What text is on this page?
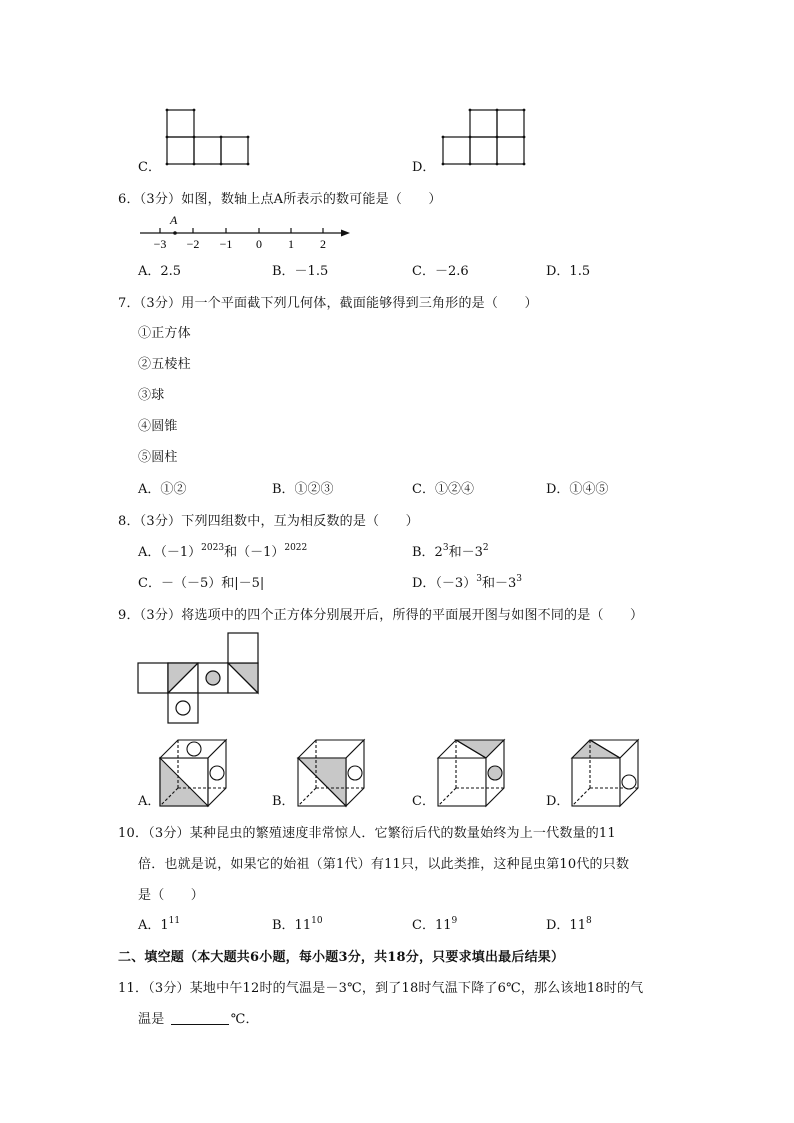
C．	D．
6．（3分）如图，数轴上点A所表示的数可能是（　　）
A
−3 −2 −1 0 1 2
A．2.5	B．－1.5	C．－2.6	D．1.5
7．（3分）用一个平面截下列几何体，截面能够得到三角形的是（　　）
①正方体
②五棱柱
③球
④圆锥
⑤圆柱
A．①②	B．①②③	C．①②④	D．①④⑤
8．（3分）下列四组数中，互为相反数的是（　　）
A．$(-1)^{2023}$和$(-1)^{2022}$	B．$2^3$和$-3^2$
C．－（－5）和|－5|	D．$(-3)^3$和$-3^3$
9．（3分）将选项中的四个正方体分别展开后，所得的平面展开图与如图不同的是（　　）
A．	B．	C．	D．
10．（3分）某种昆虫的繁殖速度非常惊人．它繁衍后代的数量始终为上一代数量的11
倍．也就是说，如果它的始祖（第1代）有11只，以此类推，这种昆虫第10代的只数
是（　　）
A．$1^{11}$	B．$11^{10}$	C．$11^9$	D．$11^8$
二、填空题（本大题共6小题，每小题3分，共18分，只要求填出最后结果）
11．（3分）某地中午12时的气温是－3℃，到了18时气温下降了6℃，那么该地18时的气
温是	℃．
